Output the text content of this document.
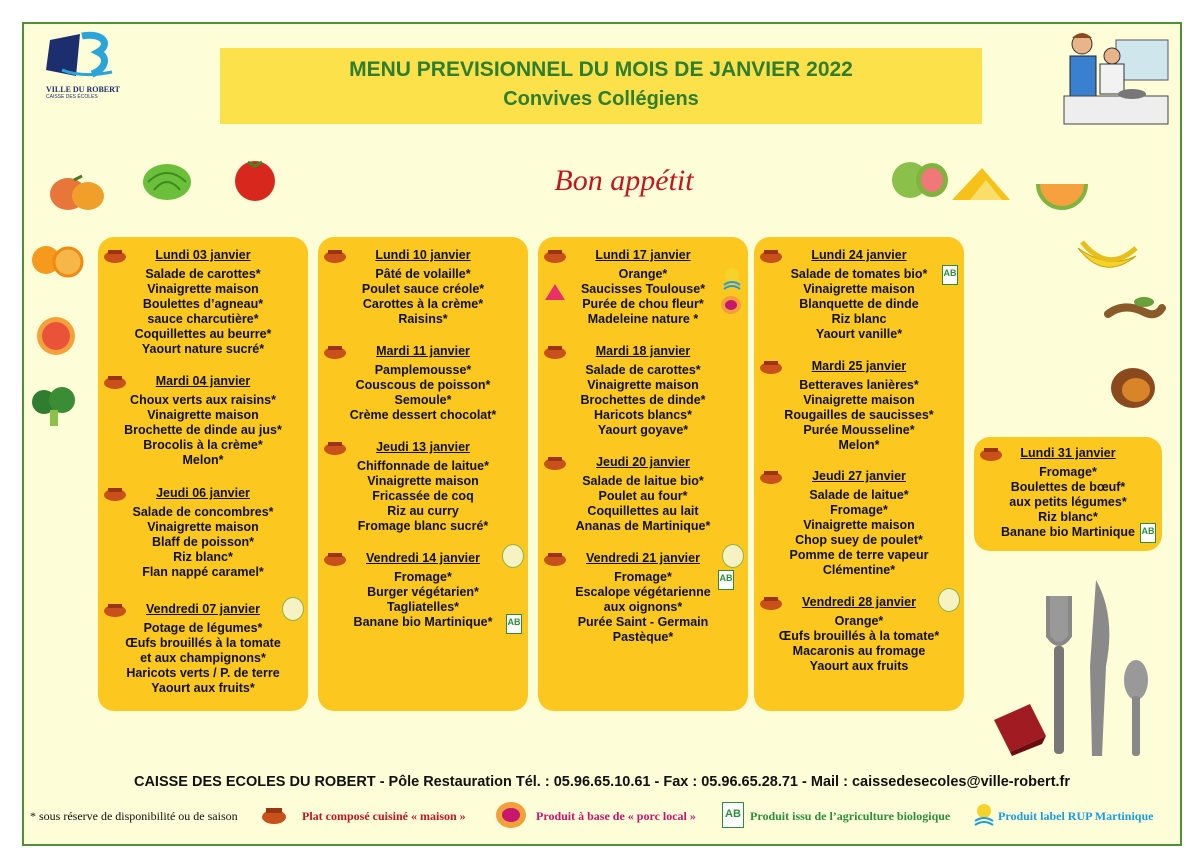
VILLE DU ROBERT
CAISSE DES ÉCOLES
MENU PREVISIONNEL DU MOIS DE JANVIER 2022
Convives Collégiens
Bon appétit
Lundi 03 janvier
Salade de carottes*
Vinaigrette maison
Boulettes d’agneau*
sauce charcutière*
Coquillettes au beurre*
Yaourt nature sucré*
Mardi 04 janvier
Choux verts aux raisins*
Vinaigrette maison
Brochette de dinde au jus*
Brocolis à la crème*
Melon*
Jeudi 06 janvier
Salade de concombres*
Vinaigrette maison
Blaff de poisson*
Riz blanc*
Flan nappé caramel*
Vendredi 07 janvier
Potage de légumes*
Œufs brouillés à la tomate
et aux champignons*
Haricots verts / P. de terre
Yaourt aux fruits*
Lundi 10 janvier
Pâté de volaille*
Poulet sauce créole*
Carottes à la crème*
Raisins*
Mardi 11 janvier
Pamplemousse*
Couscous de poisson*
Semoule*
Crème dessert chocolat*
Jeudi 13 janvier
Chiffonnade de laitue*
Vinaigrette maison
Fricassée de coq
Riz au curry
Fromage blanc sucré*
Vendredi 14 janvier
Fromage*
Burger végétarien*
Tagliatelles*
Banane bio Martinique*	AB
Lundi 17 janvier
Orange*
Saucisses Toulouse*
Purée de chou fleur*
Madeleine nature *
Mardi 18 janvier
Salade de carottes*
Vinaigrette maison
Brochettes de dinde*
Haricots blancs*
Yaourt goyave*
Jeudi 20 janvier
Salade de laitue bio*
Poulet au four*
Coquillettes au lait
Ananas de Martinique*
AB
Vendredi 21 janvier
Fromage*
Escalope végétarienne
aux oignons*
Purée Saint - Germain
Pastèque*
AB
Lundi 24 janvier
Salade de tomates bio*
Vinaigrette maison
Blanquette de dinde
Riz blanc
Yaourt vanille*
Mardi 25 janvier
Betteraves lanières*
Vinaigrette maison
Rougailles de saucisses*
Purée Mousseline*
Melon*
Jeudi 27 janvier
Salade de laitue*
Fromage*
Vinaigrette maison
Chop suey de poulet*
Pomme de terre vapeur
Clémentine*
Vendredi 28 janvier
Orange*
Œufs brouillés à la tomate*
Macaronis au fromage
Yaourt aux fruits
AB
Lundi 31 janvier
Fromage*
Boulettes de bœuf*
aux petits légumes*
Riz blanc*
Banane bio Martinique
CAISSE DES ECOLES DU ROBERT - Pôle Restauration Tél. : 05.96.65.10.61 - Fax : 05.96.65.28.71 - Mail : caissedesecoles@ville-robert.fr
* sous réserve de disponibilité ou de saison	Plat composé cuisiné « maison »	Produit à base de « porc local »	AB Produit issu de l’agriculture biologique	Produit label RUP Martinique
